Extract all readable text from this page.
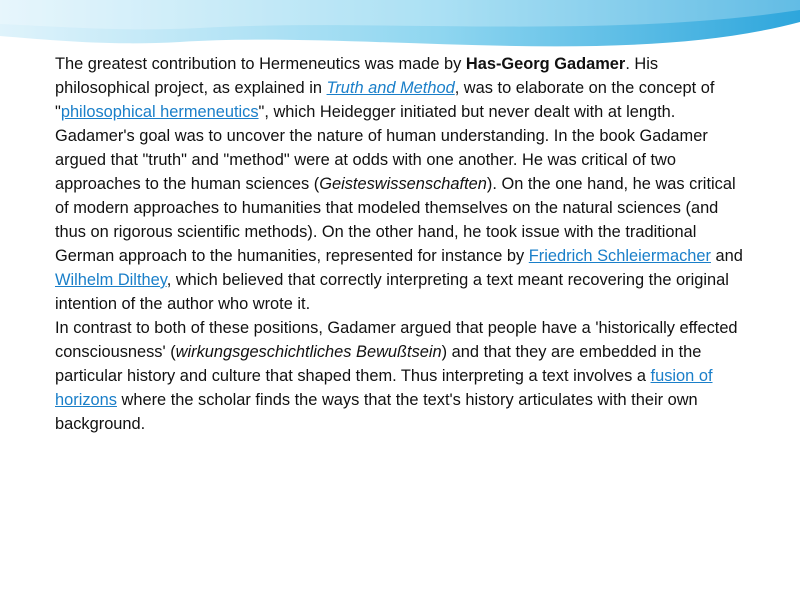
The greatest contribution to Hermeneutics was made by Has-Georg Gadamer. His philosophical project, as explained in Truth and Method, was to elaborate on the concept of "philosophical hermeneutics", which Heidegger initiated but never dealt with at length. Gadamer's goal was to uncover the nature of human understanding. In the book Gadamer argued that "truth" and "method" were at odds with one another. He was critical of two approaches to the human sciences (Geisteswissenschaften). On the one hand, he was critical of modern approaches to humanities that modeled themselves on the natural sciences (and thus on rigorous scientific methods). On the other hand, he took issue with the traditional German approach to the humanities, represented for instance by Friedrich Schleiermacher and Wilhelm Dilthey, which believed that correctly interpreting a text meant recovering the original intention of the author who wrote it.

In contrast to both of these positions, Gadamer argued that people have a 'historically effected consciousness' (wirkungsgeschichtliches Bewußtsein) and that they are embedded in the particular history and culture that shaped them. Thus interpreting a text involves a fusion of horizons where the scholar finds the ways that the text's history articulates with their own background.
